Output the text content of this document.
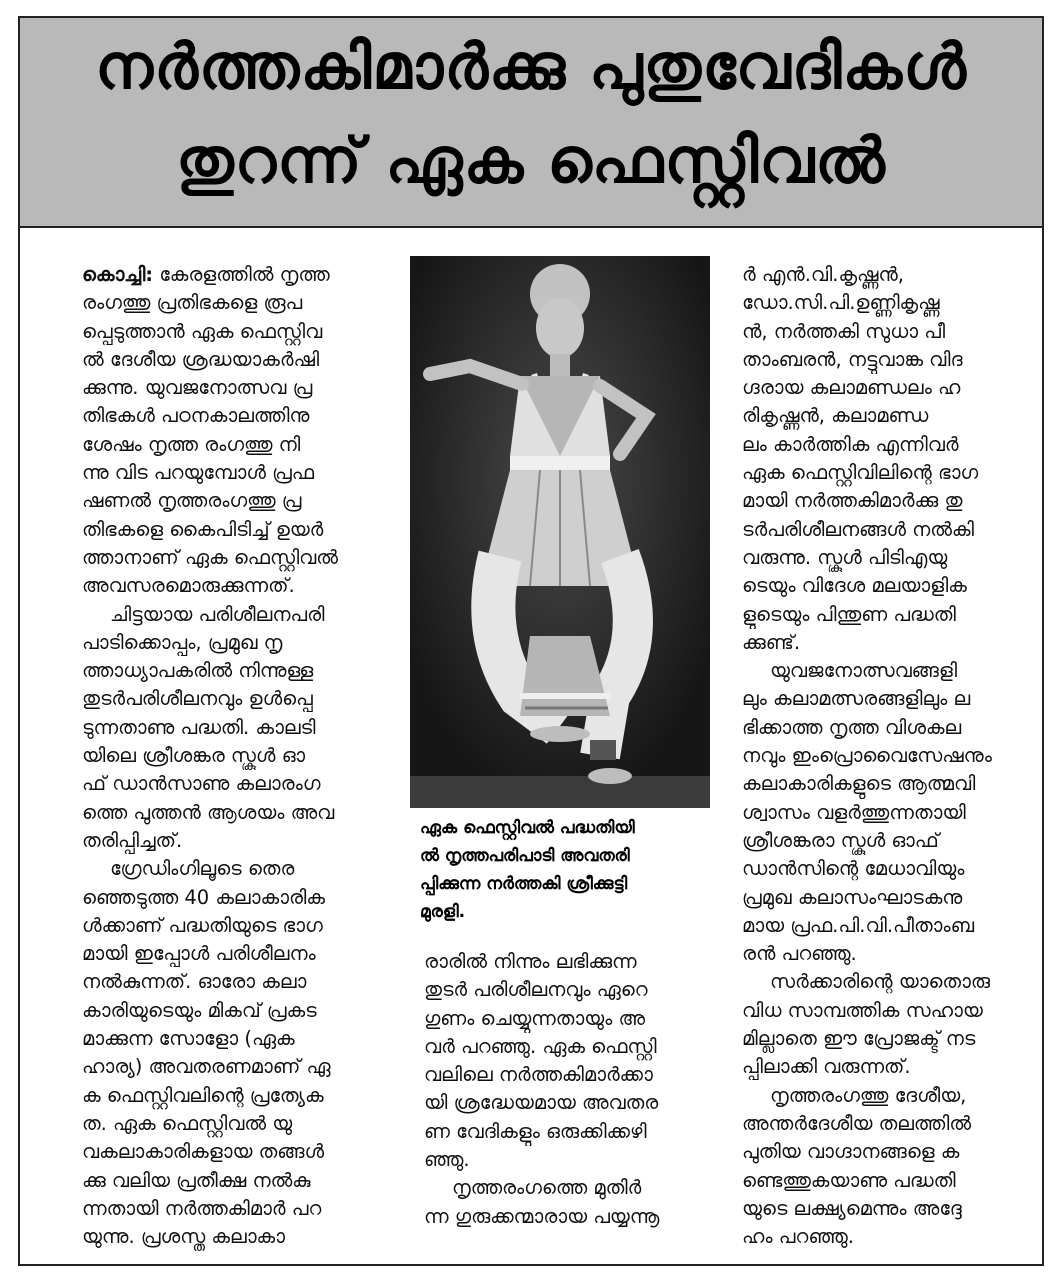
നർത്തകിമാർക്കു പുതുവേദികൾ
തുറന്ന് ഏക ഫെസ്റ്റിവൽ
കൊച്ചി: കേരളത്തിൽ നൃത്ത
രംഗത്തു പ്രതിഭകളെ രൂപ
പ്പെടുത്താൻ ഏക ഫെസ്റ്റിവ
ൽ ദേശീയ ശ്രദ്ധയാകർഷി
ക്കുന്നു. യുവജനോത്സവ പ്ര
തിഭകൾ പഠനകാലത്തിനു
ശേഷം നൃത്ത രംഗത്തു നി
ന്നു വിട പറയുമ്പോൾ പ്രഫ
ഷണൽ നൃത്തരംഗത്തു പ്ര
തിഭകളെ കൈപിടിച്ച് ഉയർ
ത്താനാണ് ഏക ഫെസ്റ്റിവൽ
അവസരമൊരുക്കുന്നത്.
ചിട്ടയായ പരിശീലനപരി
പാടിക്കൊപ്പം, പ്രമുഖ നൃ
ത്താധ്യാപകരിൽ നിന്നുള്ള
തുടർപരിശീലനവും ഉൾപ്പെ
ടുന്നതാണു പദ്ധതി. കാലടി
യിലെ ശ്രീശങ്കര സ്കൂൾ ഓ
ഫ് ഡാൻസാണു കലാരംഗ
ത്തെ പുത്തൻ ആശയം അവ
തരിപ്പിച്ചത്.
ഗ്രേഡിംഗിലൂടെ തെര
ഞ്ഞെടുത്ത 40 കലാകാരിക
ൾക്കാണ് പദ്ധതിയുടെ ഭാഗ
മായി ഇപ്പോൾ പരിശീലനം
നൽകുന്നത്. ഓരോ കലാ
കാരിയുടെയും മികവ് പ്രകട
മാക്കുന്ന സോളോ (ഏക
ഹാര്യ) അവതരണമാണ് ഏ
ക ഫെസ്റ്റിവലിന്റെ പ്രത്യേക
ത. ഏക ഫെസ്റ്റിവൽ യു
വകലാകാരികളായ തങ്ങൾ
ക്കു വലിയ പ്രതീക്ഷ നൽകു
ന്നതായി നർത്തകിമാർ പറ
യുന്നു. പ്രശസ്ത കലാകാ
ഏക ഫെസ്റ്റിവൽ പദ്ധതിയി
ൽ നൃത്തപരിപാടി അവതരി
പ്പിക്കുന്ന നർത്തകി ശ്രീക്കുട്ടി
മുരളി.
രാരിൽ നിന്നും ലഭിക്കുന്ന
തുടർ പരിശീലനവും ഏറെ
ഗുണം ചെയ്യുന്നതായും അ
വർ പറഞ്ഞു. ഏക ഫെസ്റ്റി
വലിലെ നർത്തകിമാർക്കാ
യി ശ്രദ്ധേയമായ അവതര
ണ വേദികളും ഒരുക്കിക്കഴി
ഞ്ഞു.
നൃത്തരംഗത്തെ മുതിർ
ന്ന ഗുരുക്കന്മാരായ പയ്യന്നൂ
ർ എൻ.വി.കൃഷ്ണൻ,
ഡോ.സി.പി.ഉണ്ണികൃഷ്ണ
ൻ, നർത്തകി സുധാ പീ
താംബരൻ, നട്ടുവാങ്ക വിദ
ഗ്ദരായ കലാമണ്ഡലം ഹ
രികൃഷ്ണൻ, കലാമണ്ഡ
ലം കാർത്തിക എന്നിവർ
ഏക ഫെസ്റ്റിവിലിന്റെ ഭാഗ
മായി നർത്തകിമാർക്കു തു
ടർപരിശീലനങ്ങൾ നൽകി
വരുന്നു. സ്കൂൾ പിടിഎയു
ടെയും വിദേശ മലയാളിക
ളുടെയും പിന്തുണ പദ്ധതി
ക്കുണ്ട്.
യുവജനോത്സവങ്ങളി
ലും കലാമത്സരങ്ങളിലും ല
ഭിക്കാത്ത നൃത്ത വിശകല
നവും ഇംപ്രൊവൈസേഷനും
കലാകാരികളുടെ ആത്മവി
ശ്വാസം വളർത്തുന്നതായി
ശ്രീശങ്കരാ സ്കൂൾ ഓഫ്
ഡാൻസിന്റെ മേധാവിയും
പ്രമുഖ കലാസംഘാടകനു
മായ പ്രഫ.പി.വി.പീതാംബ
രൻ പറഞ്ഞു.
സർക്കാരിന്റെ യാതൊരു
വിധ സാമ്പത്തിക സഹായ
മില്ലാതെ ഈ പ്രോജക്ട് നട
പ്പിലാക്കി വരുന്നത്.
നൃത്തരംഗത്തു ദേശീയ,
അന്തർദേശീയ തലത്തിൽ
പുതിയ വാഗ്ദാനങ്ങളെ ക
ണ്ടെത്തുകയാണു പദ്ധതി
യുടെ ലക്ഷ്യമെന്നും അദ്ദേ
ഹം പറഞ്ഞു.
